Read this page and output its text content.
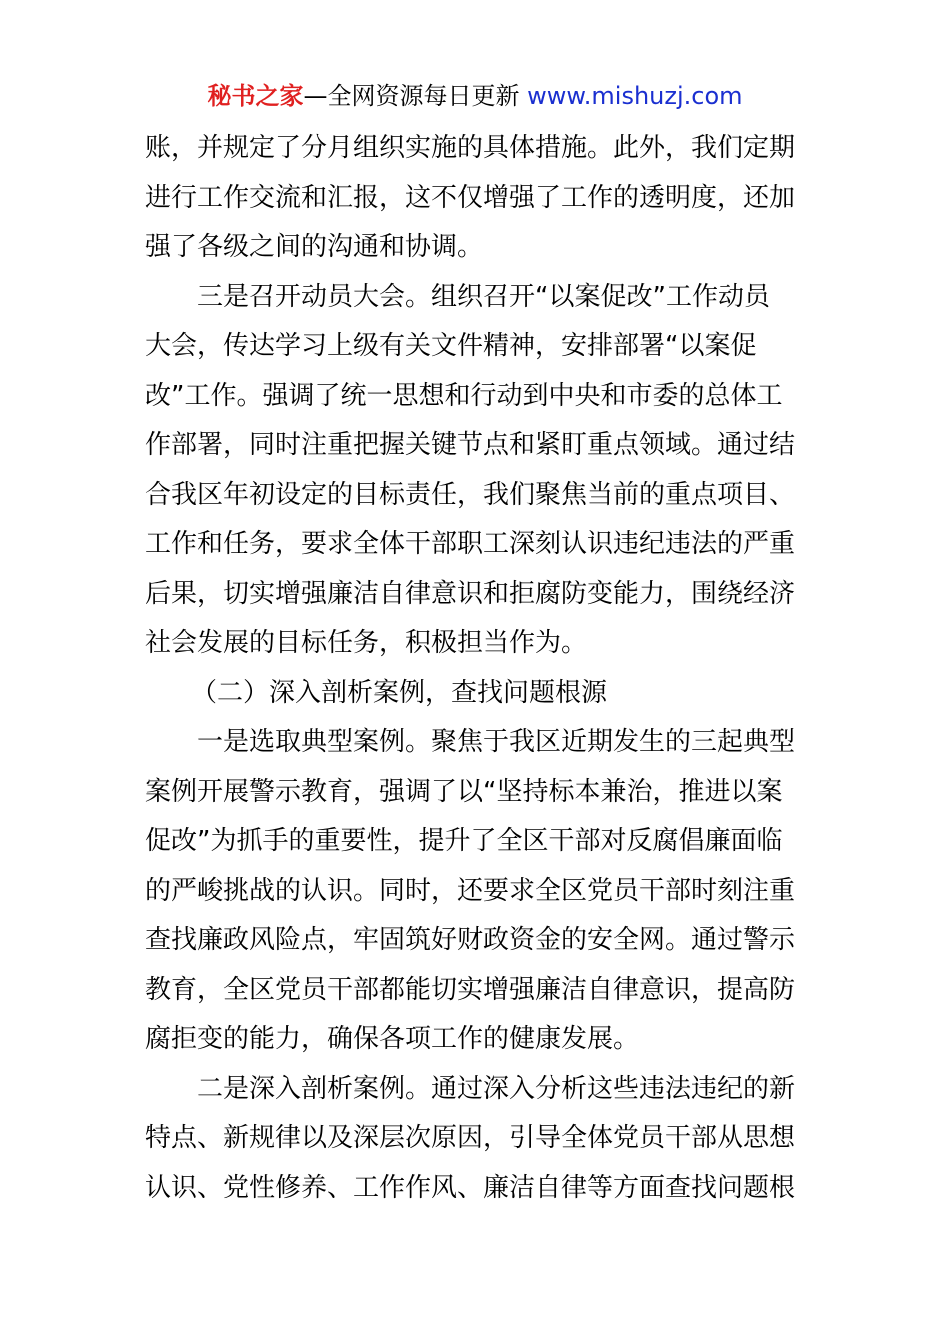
秘书之家—全网资源每日更新 www.mishuzj.com
账，并规定了分月组织实施的具体措施。此外，我们定期
进行工作交流和汇报，这不仅增强了工作的透明度，还加
强了各级之间的沟通和协调。
三是召开动员大会。组织召开“以案促改”工作动员
大会，传达学习上级有关文件精神，安排部署“以案促
改”工作。强调了统一思想和行动到中央和市委的总体工
作部署，同时注重把握关键节点和紧盯重点领域。通过结
合我区年初设定的目标责任，我们聚焦当前的重点项目、
工作和任务，要求全体干部职工深刻认识违纪违法的严重
后果，切实增强廉洁自律意识和拒腐防变能力，围绕经济
社会发展的目标任务，积极担当作为。
（二）深入剖析案例，查找问题根源
一是选取典型案例。聚焦于我区近期发生的三起典型
案例开展警示教育，强调了以“坚持标本兼治，推进以案
促改”为抓手的重要性，提升了全区干部对反腐倡廉面临
的严峻挑战的认识。同时，还要求全区党员干部时刻注重
查找廉政风险点，牢固筑好财政资金的安全网。通过警示
教育，全区党员干部都能切实增强廉洁自律意识，提高防
腐拒变的能力，确保各项工作的健康发展。
二是深入剖析案例。通过深入分析这些违法违纪的新
特点、新规律以及深层次原因，引导全体党员干部从思想
认识、党性修养、工作作风、廉洁自律等方面查找问题根
